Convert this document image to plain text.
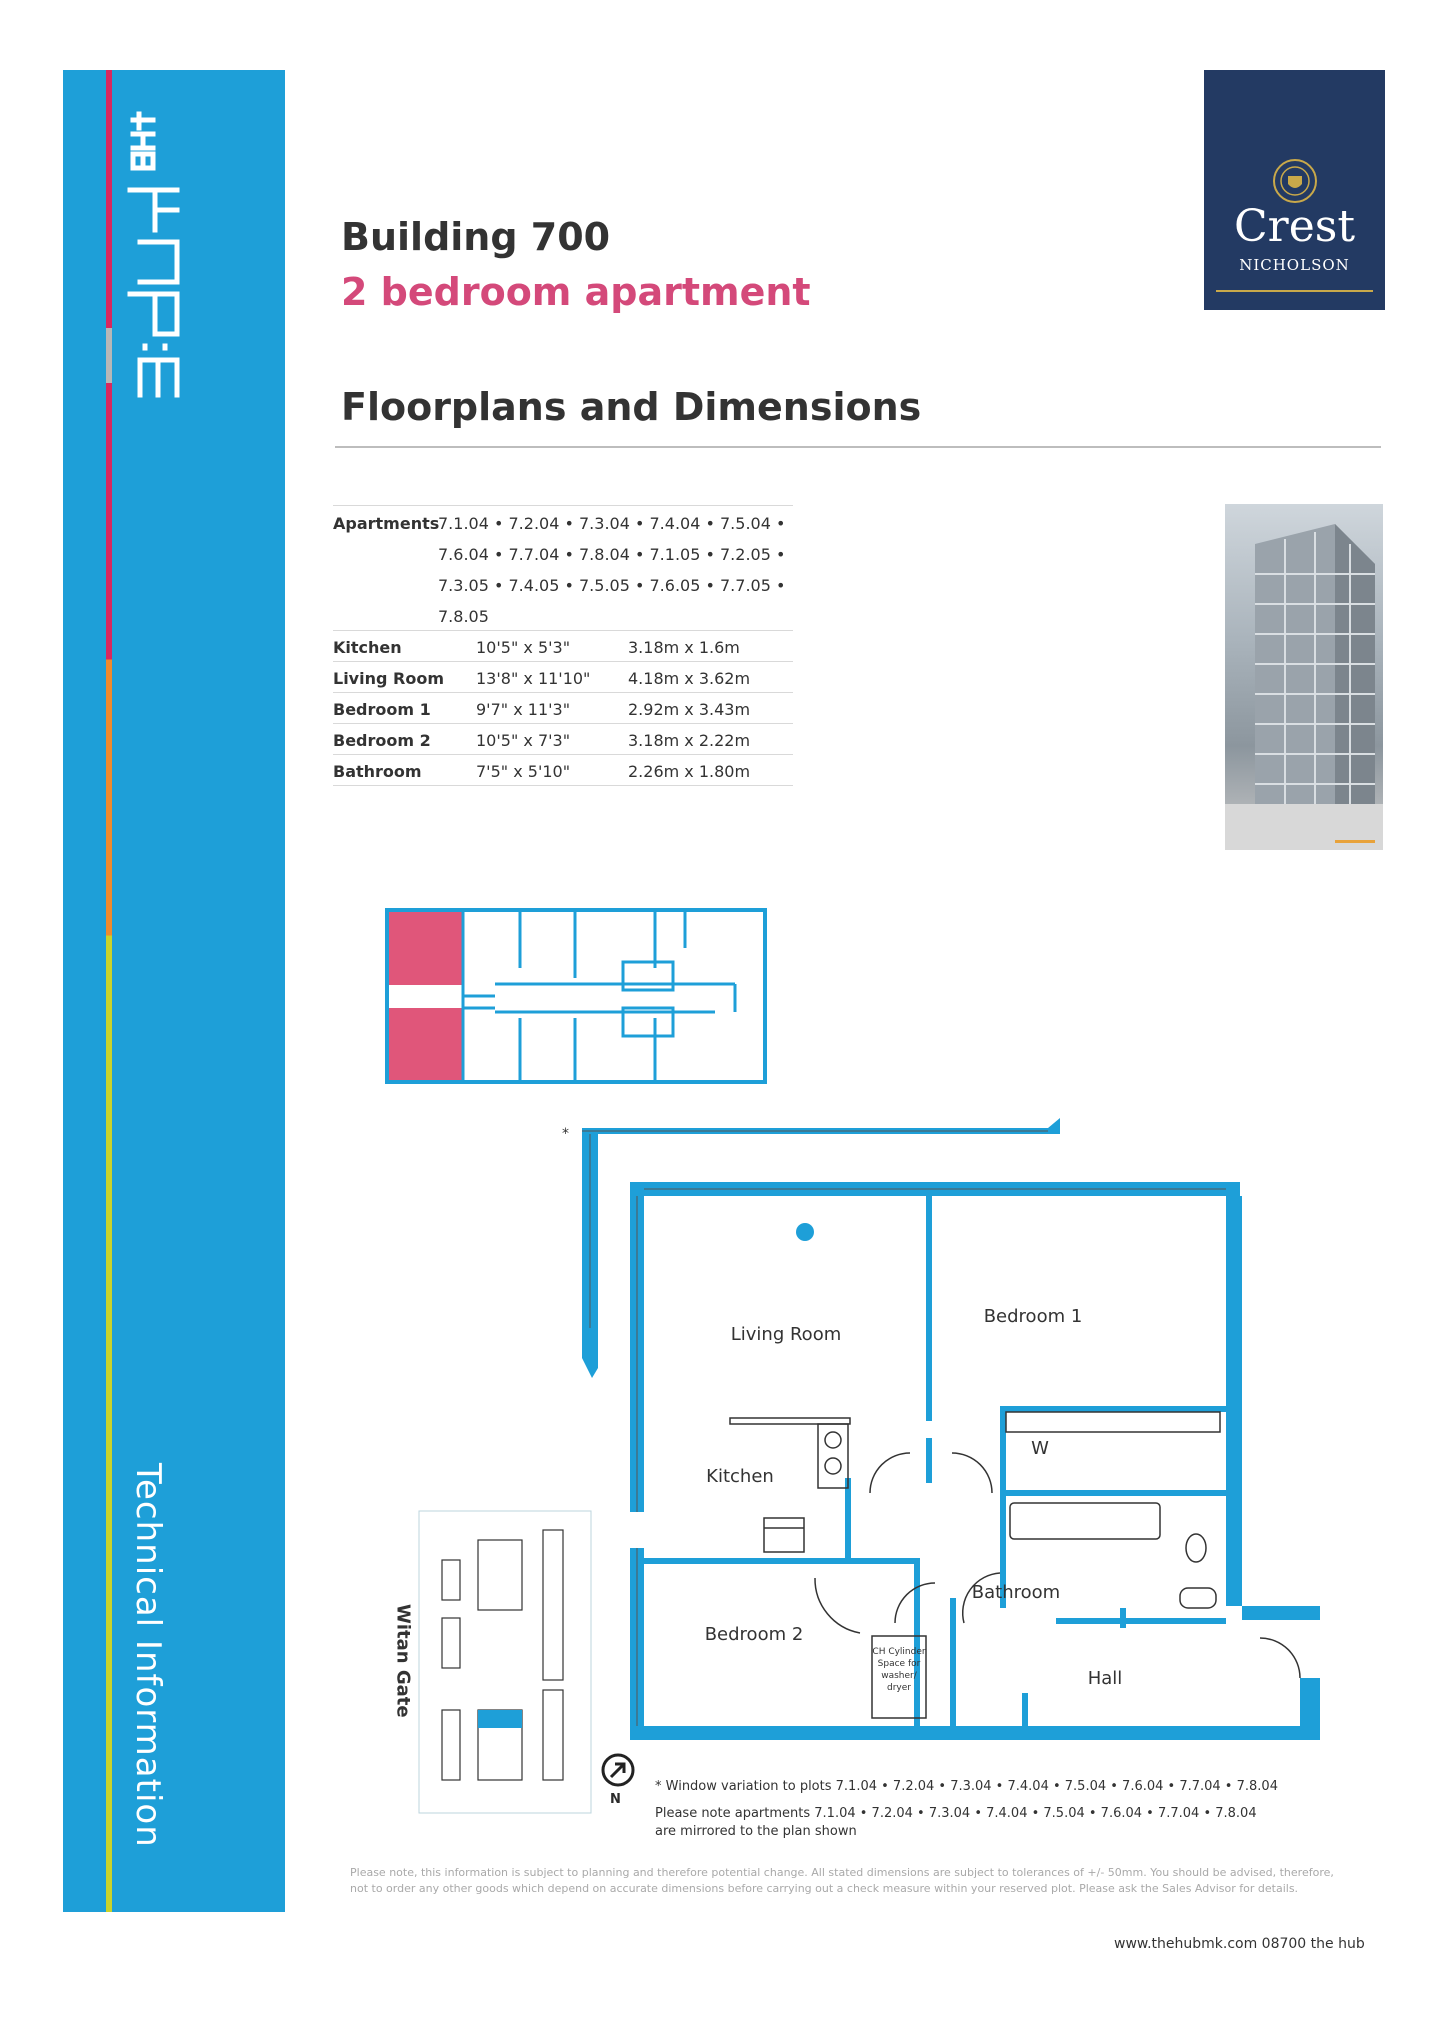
Technical Information
Crest
NICHOLSON
Building 700
2 bedroom apartment
Floorplans and Dimensions
Apartments
7.1.04 • 7.2.04 • 7.3.04 • 7.4.04 • 7.5.04 •
7.6.04 • 7.7.04 • 7.8.04 • 7.1.05 • 7.2.05 •
7.3.05 • 7.4.05 • 7.5.05 • 7.6.05 • 7.7.05 •
7.8.05
Kitchen	10'5" x 5'3"	3.18m x 1.6m
Living Room 13'8" x 11'10" 4.18m x 3.62m
Bedroom 1	9'7" x 11'3"	2.92m x 3.43m
Bedroom 2	10'5" x 7'3"	3.18m x 2.22m
Bathroom	7'5" x 5'10"	2.26m x 1.80m
*
Living Room
Bedroom 1
Kitchen
Bedroom 2
Bathroom
Hall
W
CH Cylinder
Space for
washer/
dryer
Witan Gate
N
* Window variation to plots 7.1.04 • 7.2.04 • 7.3.04 • 7.4.04 • 7.5.04 • 7.6.04 • 7.7.04 • 7.8.04
Please note apartments 7.1.04 • 7.2.04 • 7.3.04 • 7.4.04 • 7.5.04 • 7.6.04 • 7.7.04 • 7.8.04
are mirrored to the plan shown
Please note, this information is subject to planning and therefore potential change. All stated dimensions are subject to tolerances of +/- 50mm. You should be advised, therefore,
not to order any other goods which depend on accurate dimensions before carrying out a check measure within your reserved plot. Please ask the Sales Advisor for details.
www.thehubmk.com 08700 the hub
